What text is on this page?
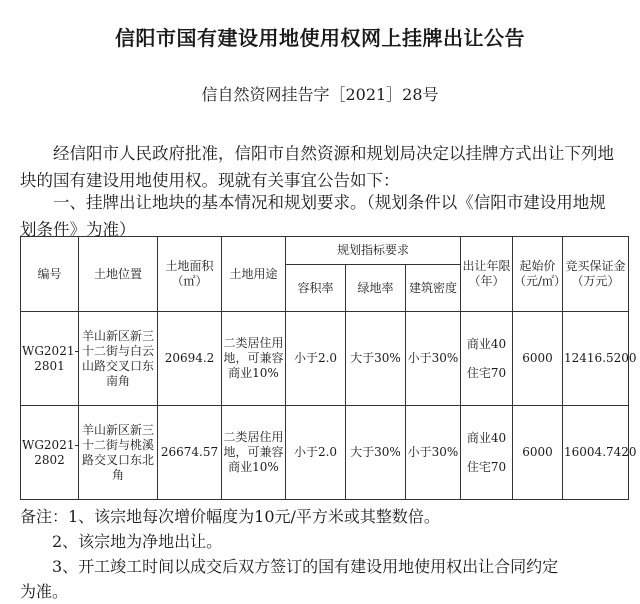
信阳市国有建设用地使用权网上挂牌出让公告
信自然资网挂告字［2021］28号
经信阳市人民政府批准，信阳市自然资源和规划局决定以挂牌方式出让下列地块的国有建设用地使用权。现就有关事宜公告如下：
一、挂牌出让地块的基本情况和规划要求。（规划条件以《信阳市建设用地规划条件》为准）
编号	土地位置	土地面积（㎡）	土地用途	规划指标要求			出让年限（年）	起始价（元/㎡）	竞买保证金（万元）
				容积率	绿地率	建筑密度			
WG2021-2801	羊山新区新三十二街与白云山路交叉口东南角	20694.2	二类居住用地，可兼容商业10%	小于2.0	大于30%	小于30%	商业40
住宅70	6000	12416.5200
WG2021-2802	羊山新区新三十二街与桃溪路交叉口东北角	26674.57	二类居住用地，可兼容商业10%	小于2.0	大于30%	小于30%	商业40
住宅70	6000	16004.7420
备注：1、该宗地每次增价幅度为10元/平方米或其整数倍。
2、该宗地为净地出让。
3、开工竣工时间以成交后双方签订的国有建设用地使用权出让合同约定
为准。
